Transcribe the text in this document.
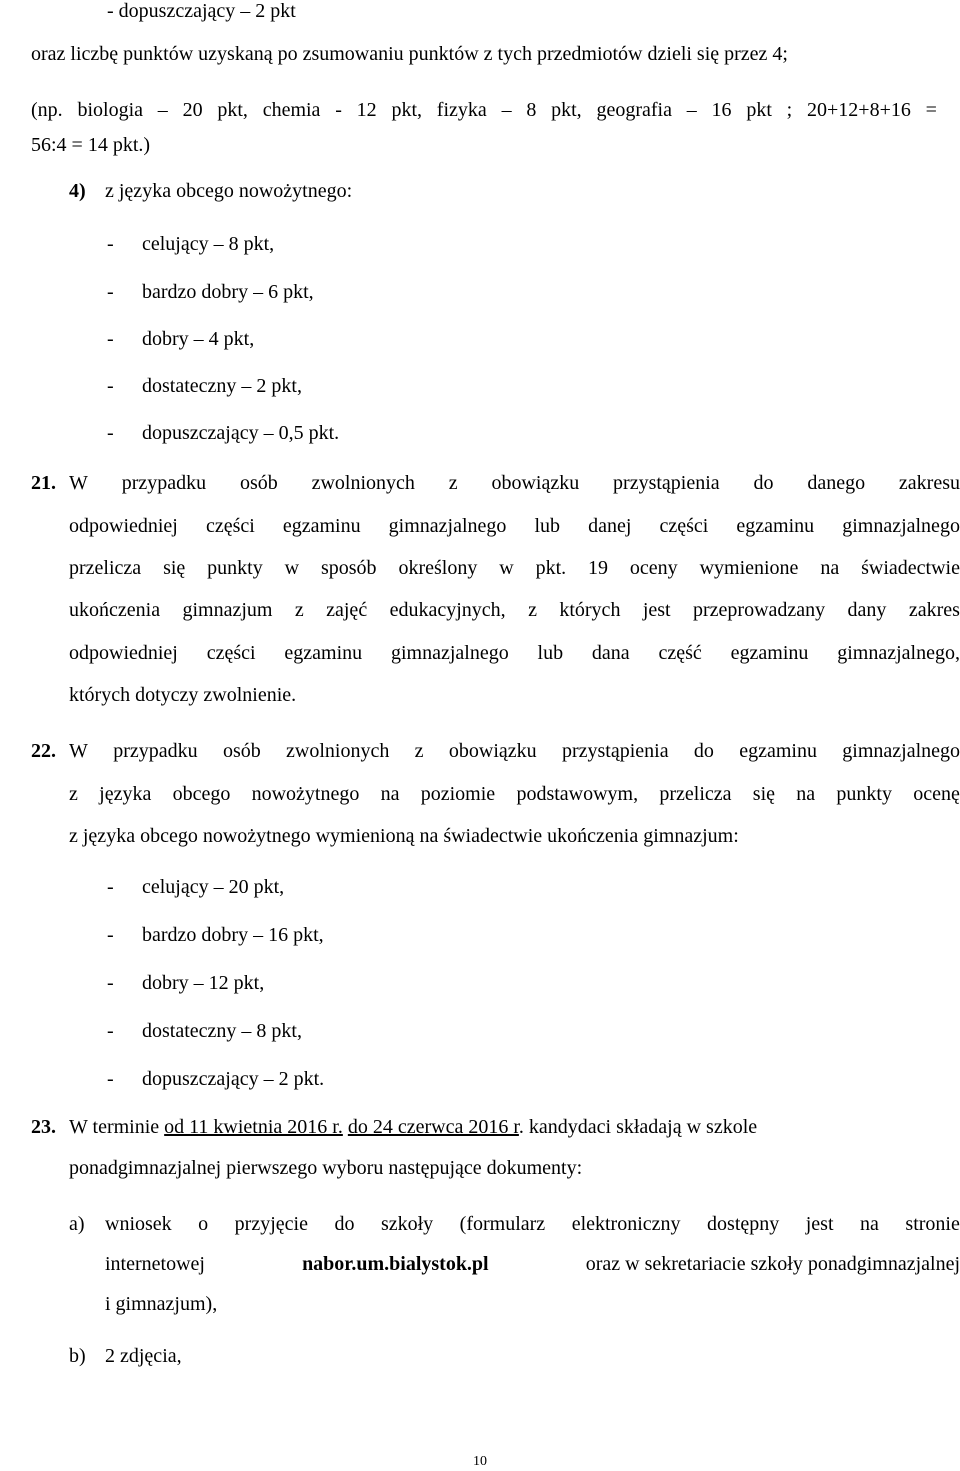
- dopuszczający – 2 pkt
oraz liczbę punktów uzyskaną po zsumowaniu punktów z tych przedmiotów dzieli się przez 4;
(np. biologia – 20 pkt, chemia - 12 pkt, fizyka – 8 pkt, geografia – 16 pkt ; 20+12+8+16 =
56:4 = 14 pkt.)
4) z języka obcego nowożytnego:
- celujący – 8 pkt,
- bardzo dobry – 6 pkt,
- dobry – 4 pkt,
- dostateczny – 2 pkt,
- dopuszczający – 0,5 pkt.
21. W przypadku osób zwolnionych z obowiązku przystąpienia do danego zakresu
odpowiedniej części egzaminu gimnazjalnego lub danej części egzaminu gimnazjalnego
przelicza się punkty w sposób określony w pkt. 19 oceny wymienione na świadectwie
ukończenia gimnazjum z zajęć edukacyjnych, z których jest przeprowadzany dany zakres
odpowiedniej części egzaminu gimnazjalnego lub dana część egzaminu gimnazjalnego,
których dotyczy zwolnienie.
22. W przypadku osób zwolnionych z obowiązku przystąpienia do egzaminu gimnazjalnego
z języka obcego nowożytnego na poziomie podstawowym, przelicza się na punkty ocenę
z języka obcego nowożytnego wymienioną na świadectwie ukończenia gimnazjum:
- celujący – 20 pkt,
- bardzo dobry – 16 pkt,
- dobry – 12 pkt,
- dostateczny – 8 pkt,
- dopuszczający – 2 pkt.
23. W terminie od 11 kwietnia 2016 r. do 24 czerwca 2016 r. kandydaci składają w szkole
ponadgimnazjalnej pierwszego wyboru następujące dokumenty:
a) wniosek o przyjęcie do szkoły (formularz elektroniczny dostępny jest na stronie
internetowej	nabor.um.bialystok.pl	oraz w sekretariacie szkoły ponadgimnazjalnej
i gimnazjum),
b) 2 zdjęcia,
10
